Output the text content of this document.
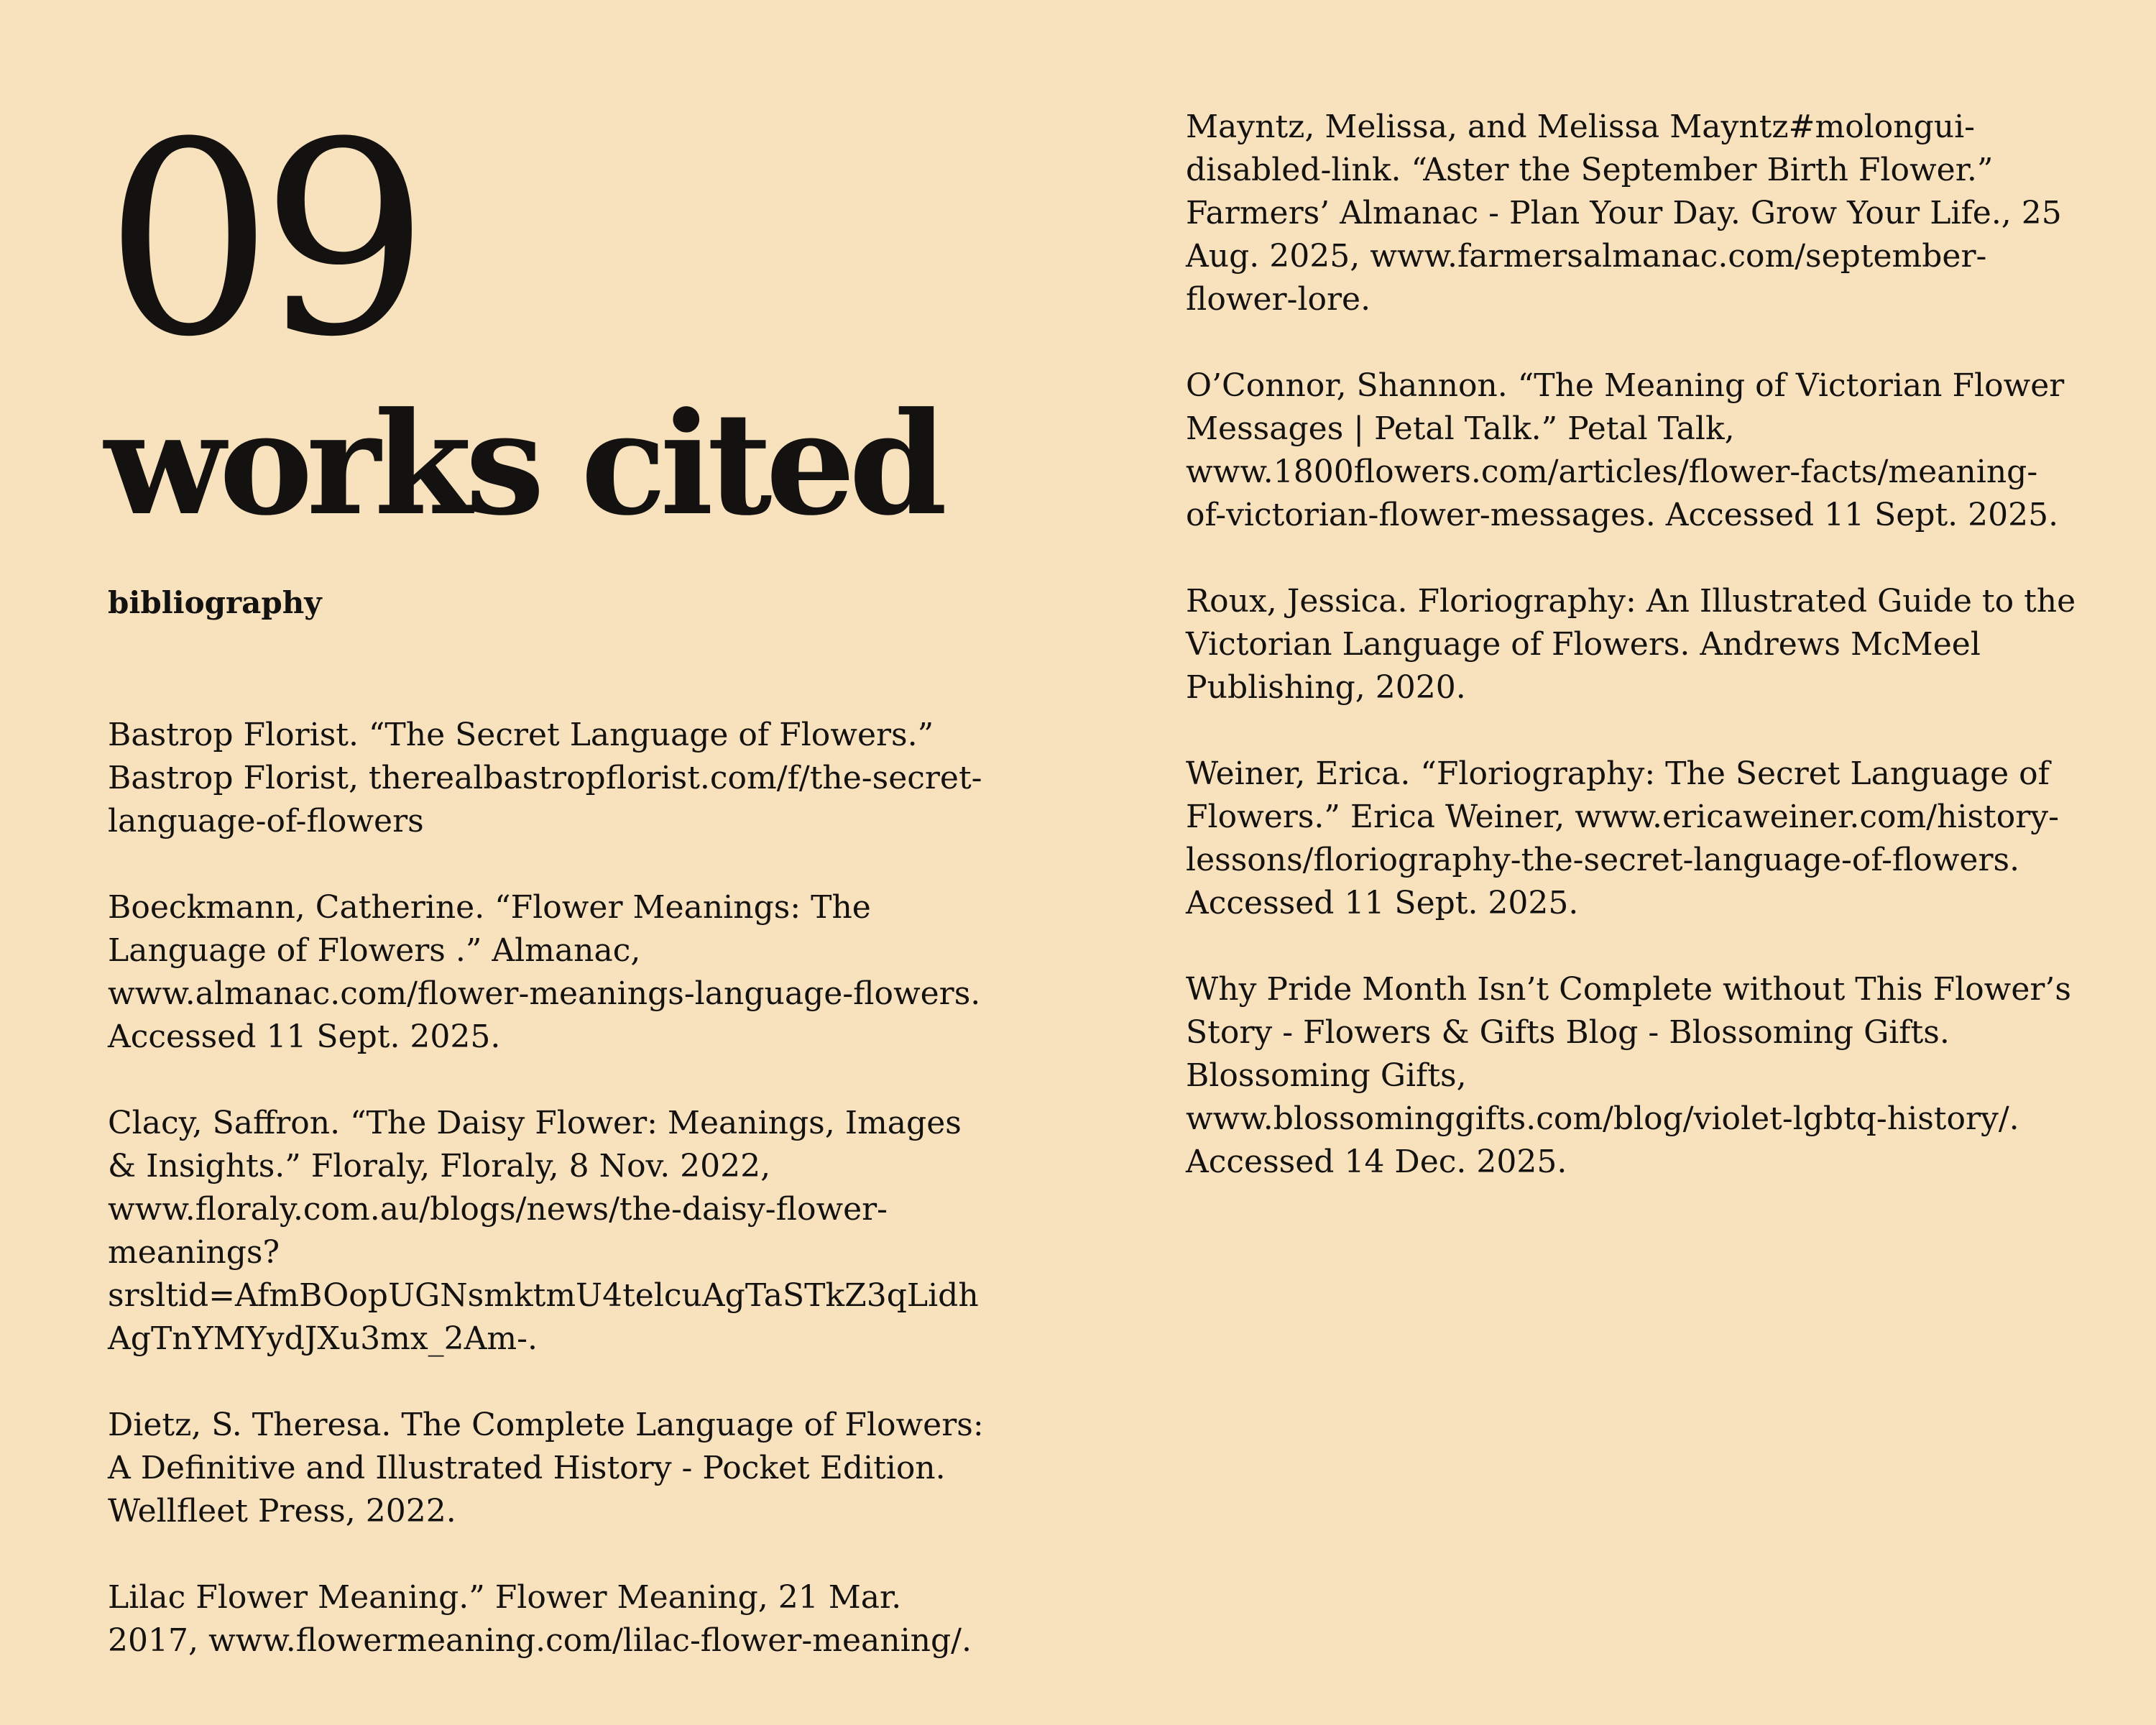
09
works cited
bibliography
Bastrop Florist. “The Secret Language of Flowers.” Bastrop Florist, therealbastropflorist.com/f/the-secret-language-of-flowers
Boeckmann, Catherine. “Flower Meanings: The Language of Flowers .” Almanac, www.almanac.com/flower-meanings-language-flowers. Accessed 11 Sept. 2025.
Clacy, Saffron. “The Daisy Flower: Meanings, Images & Insights.” Floraly, Floraly, 8 Nov. 2022, www.floraly.com.au/blogs/news/the-daisy-flower-meanings?srsltid=AfmBOopUGNsmktmU4telcuAgTaSTkZ3qLidhAgTnYMYydJXu3mx_2Am-.
Dietz, S. Theresa. The Complete Language of Flowers: A Definitive and Illustrated History - Pocket Edition. Wellfleet Press, 2022.
Lilac Flower Meaning.” Flower Meaning, 21 Mar. 2017, www.flowermeaning.com/lilac-flower-meaning/.
Mayntz, Melissa, and Melissa Mayntz#molongui-disabled-link. “Aster the September Birth Flower.” Farmers’ Almanac - Plan Your Day. Grow Your Life., 25 Aug. 2025, www.farmersalmanac.com/september-flower-lore.
O’Connor, Shannon. “The Meaning of Victorian Flower Messages | Petal Talk.” Petal Talk, www.1800flowers.com/articles/flower-facts/meaning-of-victorian-flower-messages. Accessed 11 Sept. 2025.
Roux, Jessica. Floriography: An Illustrated Guide to the Victorian Language of Flowers. Andrews McMeel Publishing, 2020.
Weiner, Erica. “Floriography: The Secret Language of Flowers.” Erica Weiner, www.ericaweiner.com/history-lessons/floriography-the-secret-language-of-flowers. Accessed 11 Sept. 2025.
Why Pride Month Isn’t Complete without This Flower’s Story - Flowers & Gifts Blog - Blossoming Gifts. Blossoming Gifts, www.blossominggifts.com/blog/violet-lgbtq-history/. Accessed 14 Dec. 2025.
